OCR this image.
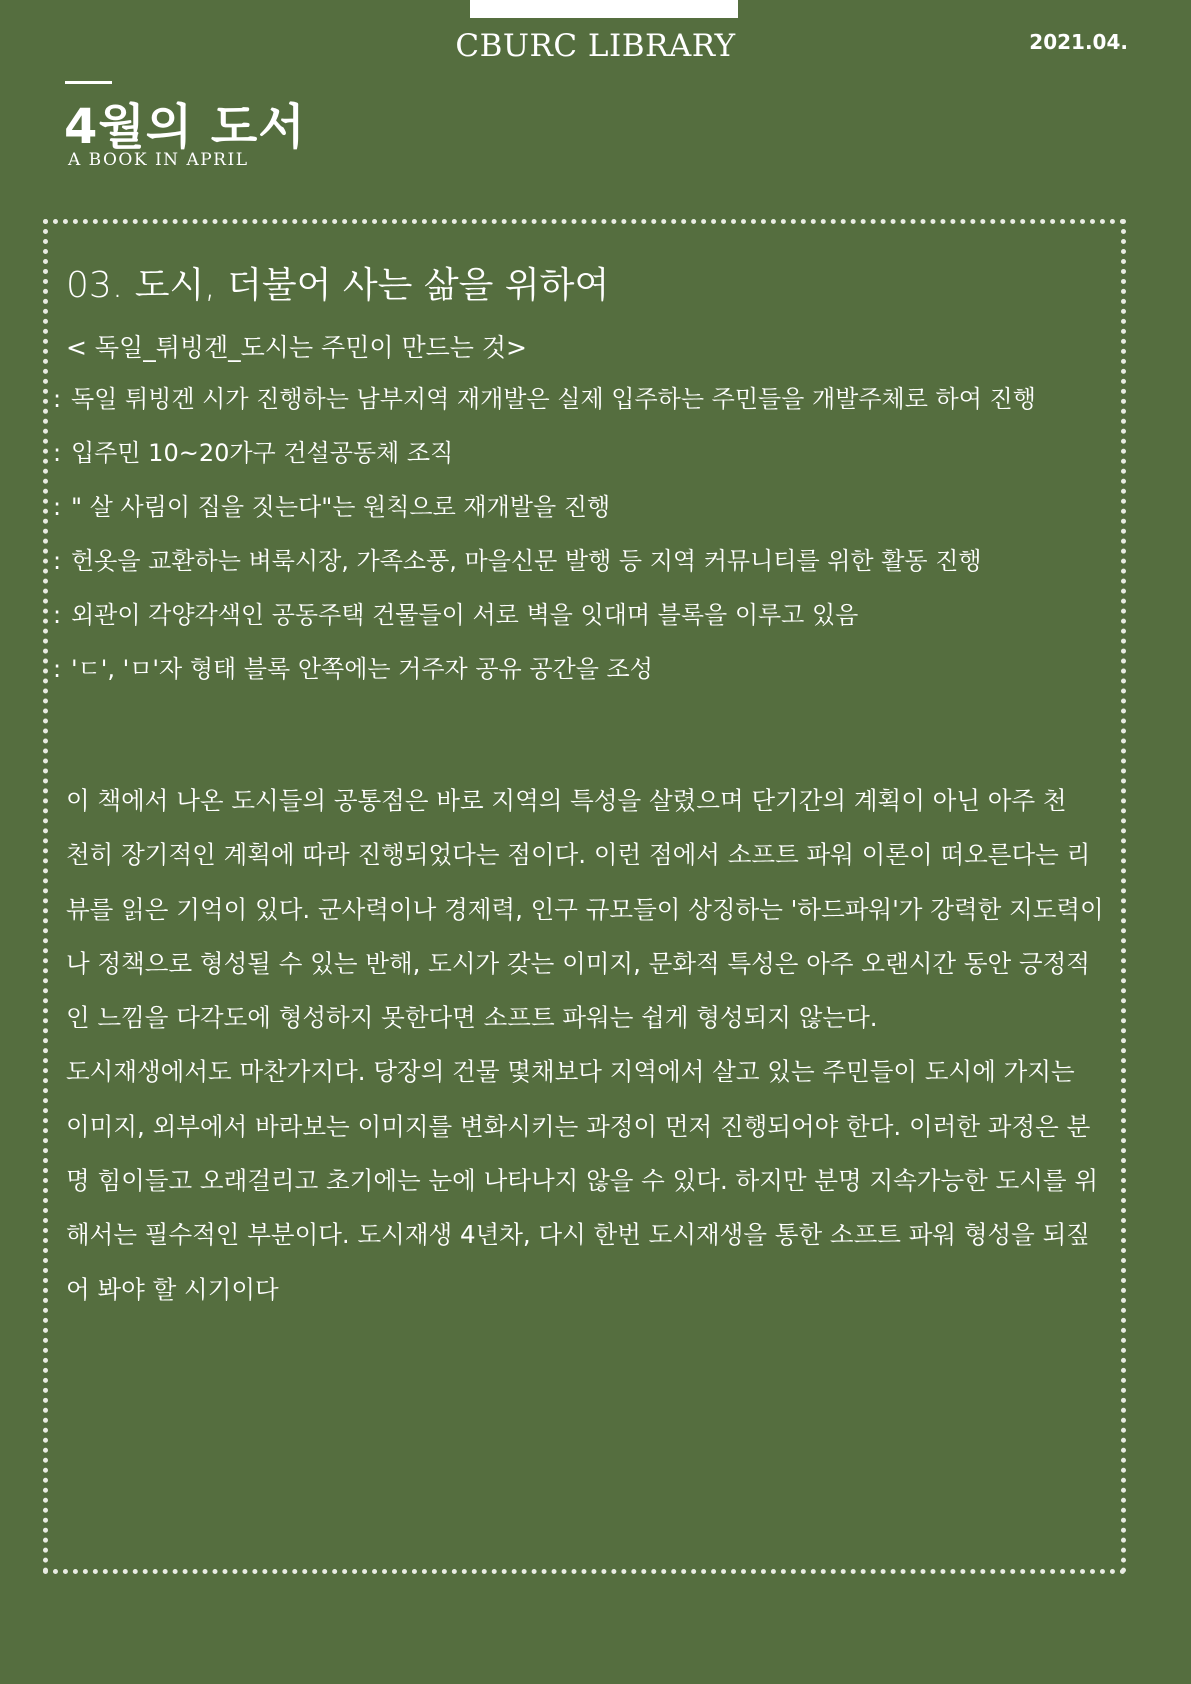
CBURC LIBRARY	2021.04.
4월의 도서
A BOOK IN APRIL
03. 도시, 더불어 사는 삶을 위하여
< 독일_튀빙겐_도시는 주민이 만드는 것>
: 독일 튀빙겐 시가 진행하는 남부지역 재개발은 실제 입주하는 주민들을 개발주체로 하여 진행
: 입주민 10~20가구 건설공동체 조직
: " 살 사림이 집을 짓는다"는 원칙으로 재개발을 진행
: 헌옷을 교환하는 벼룩시장, 가족소풍, 마을신문 발행 등 지역 커뮤니티를 위한 활동 진행
: 외관이 각양각색인 공동주택 건물들이 서로 벽을 잇대며 블록을 이루고 있음
: 'ㄷ', 'ㅁ'자 형태 블록 안쪽에는 거주자 공유 공간을 조성
이 책에서 나온 도시들의 공통점은 바로 지역의 특성을 살렸으며 단기간의 계획이 아닌 아주 천
천히 장기적인 계획에 따라 진행되었다는 점이다. 이런 점에서 소프트 파워 이론이 떠오른다는 리
뷰를 읽은 기억이 있다. 군사력이나 경제력, 인구 규모들이 상징하는 '하드파워'가 강력한 지도력이
나 정책으로 형성될 수 있는 반해, 도시가 갖는 이미지, 문화적 특성은 아주 오랜시간 동안 긍정적
인 느낌을 다각도에 형성하지 못한다면 소프트 파워는 쉽게 형성되지 않는다.
도시재생에서도 마찬가지다. 당장의 건물 몇채보다 지역에서 살고 있는 주민들이 도시에 가지는
이미지, 외부에서 바라보는 이미지를 변화시키는 과정이 먼저 진행되어야 한다. 이러한 과정은 분
명 힘이들고 오래걸리고 초기에는 눈에 나타나지 않을 수 있다. 하지만 분명 지속가능한 도시를 위
해서는 필수적인 부분이다. 도시재생 4년차, 다시 한번 도시재생을 통한 소프트 파워 형성을 되짚
어 봐야 할 시기이다
